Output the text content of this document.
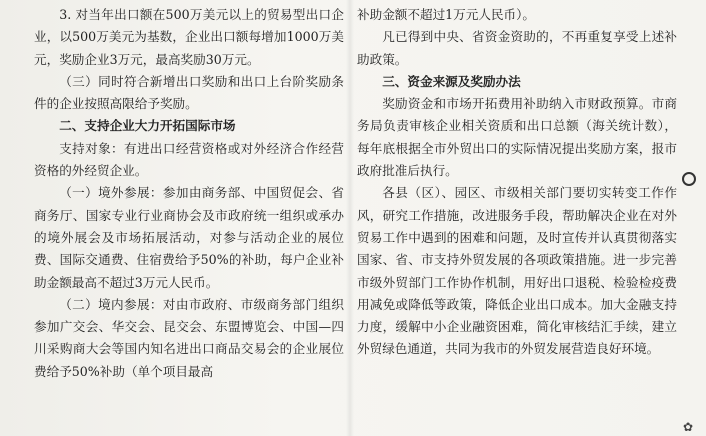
3. 对当年出口额在500万美元以上的贸易型出口企业，以500万美元为基数，企业出口额每增加1000万美元，奖励企业3万元，最高奖励30万元。

（三）同时符合新增出口奖励和出口上台阶奖励条件的企业按照高限给予奖励。

二、支持企业大力开拓国际市场

支持对象：有进出口经营资格或对外经济合作经营资格的外经贸企业。

（一）境外参展：参加由商务部、中国贸促会、省商务厅、国家专业行业商协会及市政府统一组织或承办的境外展会及市场拓展活动，对参与活动企业的展位费、国际交通费、住宿费给予50%的补助，每户企业补助金额最高不超过3万元人民币。

（二）境内参展：对由市政府、市级商务部门组织参加广交会、华交会、昆交会、东盟博览会、中国—四川采购商大会等国内知名进出口商品交易会的企业展位费给予50%补助（单个项目最高

补助金额不超过1万元人民币）。

凡已得到中央、省资金资助的，不再重复享受上述补助政策。

三、资金来源及奖励办法

奖励资金和市场开拓费用补助纳入市财政预算。市商务局负责审核企业相关资质和出口总额（海关统计数），每年底根据全市外贸出口的实际情况提出奖励方案，报市政府批准后执行。

各县（区）、园区、市级相关部门要切实转变工作作风，研究工作措施，改进服务手段，帮助解决企业在对外贸易工作中遇到的困难和问题，及时宣传并认真贯彻落实国家、省、市支持外贸发展的各项政策措施。进一步完善市级外贸部门工作协作机制，用好出口退税、检验检疫费用减免或降低等政策，降低企业出口成本。加大金融支持力度，缓解中小企业融资困难，简化审核结汇手续，建立外贸绿色通道，共同为我市的外贸发展营造良好环境。

✿
